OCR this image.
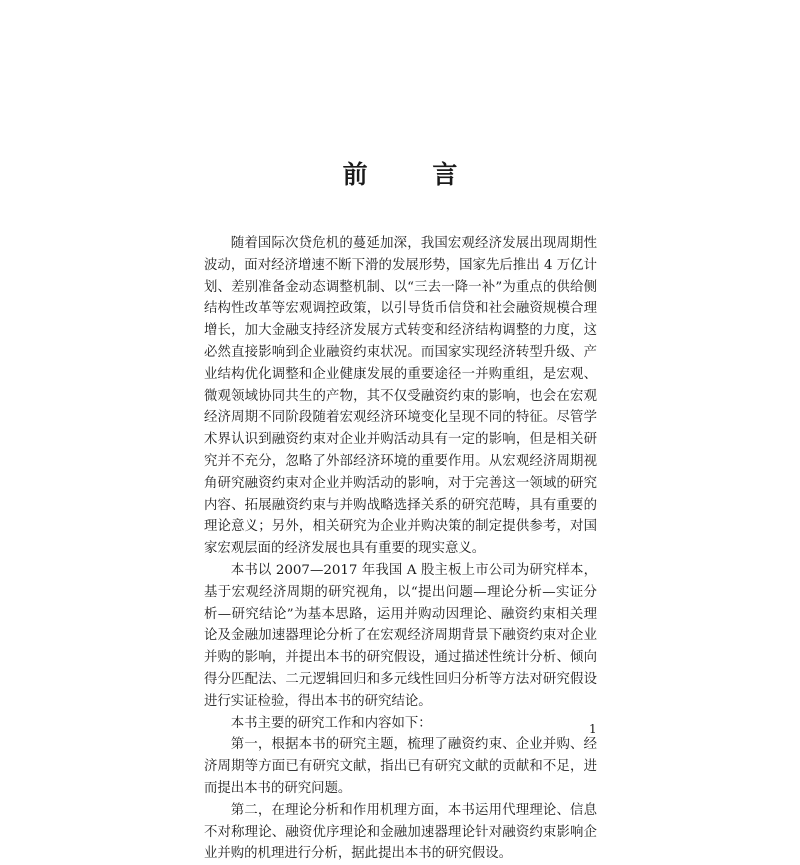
前 言

随着国际次贷危机的蔓延加深，我国宏观经济发展出现周期性波动，面对经济增速不断下滑的发展形势，国家先后推出 4 万亿计划、差别准备金动态调整机制、以“三去一降一补”为重点的供给侧结构性改革等宏观调控政策，以引导货币信贷和社会融资规模合理增长，加大金融支持经济发展方式转变和经济结构调整的力度，这必然直接影响到企业融资约束状况。而国家实现经济转型升级、产业结构优化调整和企业健康发展的重要途径一并购重组，是宏观、微观领域协同共生的产物，其不仅受融资约束的影响，也会在宏观经济周期不同阶段随着宏观经济环境变化呈现不同的特征。尽管学术界认识到融资约束对企业并购活动具有一定的影响，但是相关研究并不充分，忽略了外部经济环境的重要作用。从宏观经济周期视角研究融资约束对企业并购活动的影响，对于完善这一领域的研究内容、拓展融资约束与并购战略选择关系的研究范畴，具有重要的理论意义；另外，相关研究为企业并购决策的制定提供参考，对国家宏观层面的经济发展也具有重要的现实意义。

本书以 2007—2017 年我国 A 股主板上市公司为研究样本，基于宏观经济周期的研究视角，以“提出问题—理论分析—实证分析—研究结论”为基本思路，运用并购动因理论、融资约束相关理论及金融加速器理论分析了在宏观经济周期背景下融资约束对企业并购的影响，并提出本书的研究假设，通过描述性统计分析、倾向得分匹配法、二元逻辑回归和多元线性回归分析等方法对研究假设进行实证检验，得出本书的研究结论。

本书主要的研究工作和内容如下：

第一，根据本书的研究主题，梳理了融资约束、企业并购、经济周期等方面已有研究文献，指出已有研究文献的贡献和不足，进而提出本书的研究问题。

第二，在理论分析和作用机理方面，本书运用代理理论、信息不对称理论、融资优序理论和金融加速器理论针对融资约束影响企业并购的机理进行分析，据此提出本书的研究假设。

1
